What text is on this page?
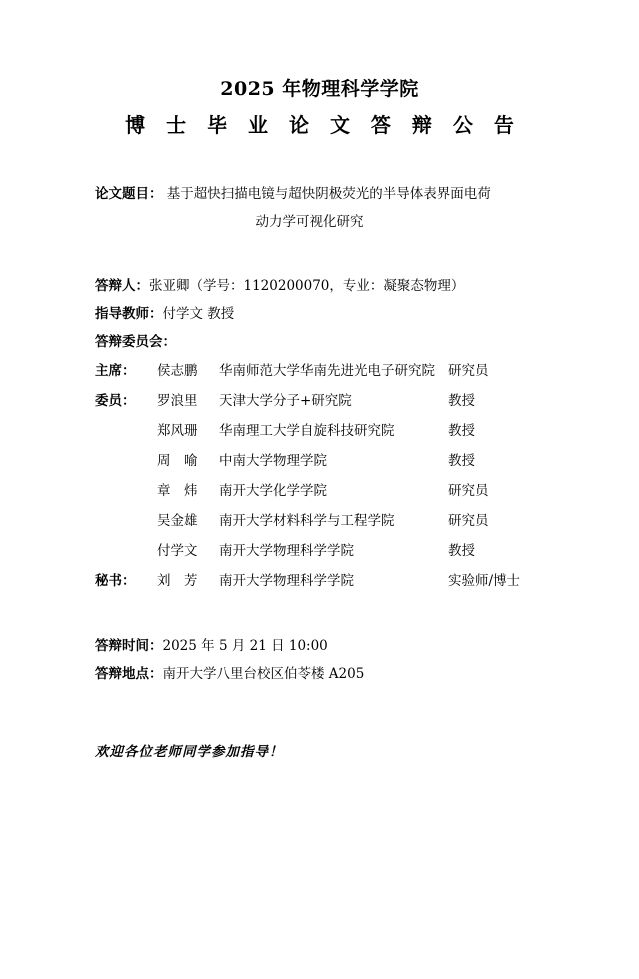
2025 年物理科学学院
博 士 毕 业 论 文 答 辩 公 告
论文题目： 基于超快扫描电镜与超快阴极荧光的半导体表界面电荷
动力学可视化研究
答辩人：张亚卿（学号：1120200070，专业：凝聚态物理）
指导教师：付学文 教授
答辩委员会：
主席：	侯志鹏	华南师范大学华南先进光电子研究院 研究员
委员：	罗浪里	天津大学分子+研究院	教授
郑风珊	华南理工大学自旋科技研究院	教授
周　喻	中南大学物理学院	教授
章　炜	南开大学化学学院	研究员
吴金雄	南开大学材料科学与工程学院	研究员
付学文	南开大学物理科学学院	教授
秘书：	刘　芳	南开大学物理科学学院	实验师/博士
答辩时间：2025 年 5 月 21 日 10:00
答辩地点：南开大学八里台校区伯苓楼 A205
欢迎各位老师同学参加指导！
